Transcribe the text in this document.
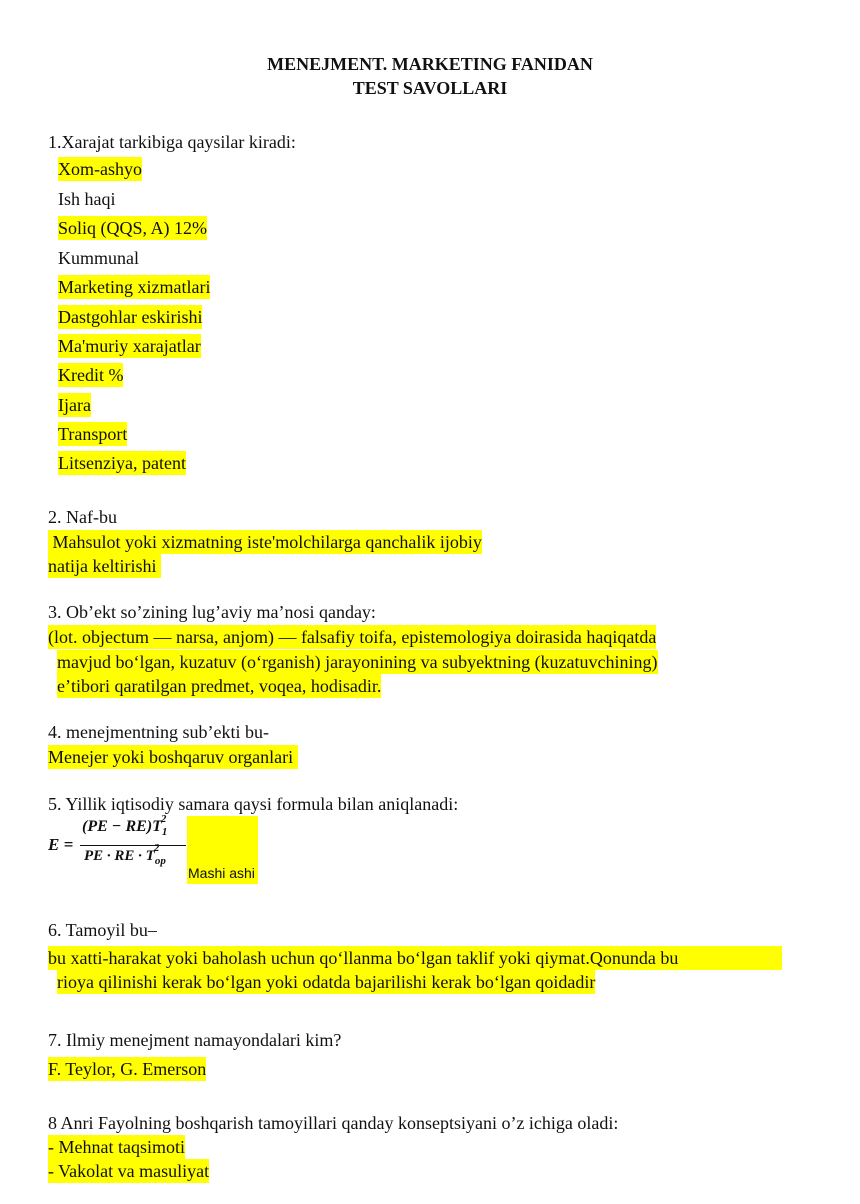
MENEJMENT. MARKETING FANIDAN
TEST SAVOLLARI
1.Xarajat tarkibiga qaysilar kiradi:
Xom-ashyo
Ish haqi
Soliq (QQS, A) 12%
Kummunal
Marketing xizmatlari
Dastgohlar eskirishi
Ma'muriy xarajatlar
Kredit %
Ijara
Transport
Litsenziya, patent
2. Naf-bu
Mahsulot yoki xizmatning iste'molchilarga qanchalik ijobiy
natija keltirishi
3. Ob’ekt so’zining lug’aviy ma’nosi qanday:
(lot. objectum — narsa, anjom) — falsafiy toifa, epistemologiya doirasida haqiqatda
mavjud boʻlgan, kuzatuv (oʻrganish) jarayonining va subyektning (kuzatuvchining)
eʼtibori qaratilgan predmet, voqea, hodisadir.
4. menejmentning sub’ekti bu-
Menejer yoki boshqaruv organlari
5. Yillik iqtisodiy samara qaysi formula bilan aniqlanadi:
E =
$(PE - RE)T_1$
2
PE · RE · $T_{op}$
2
Mashi ashi
6. Tamoyil bu–
bu xatti-harakat yoki baholash uchun qoʻllanma boʻlgan taklif yoki qiymat.Qonunda bu
rioya qilinishi kerak boʻlgan yoki odatda bajarilishi kerak boʻlgan qoidadir
7. Ilmiy menejment namayondalari kim?
F. Teylor, G. Emerson
8 Anri Fayolning boshqarish tamoyillari qanday konseptsiyani o’z ichiga oladi:
- Mehnat taqsimoti
- Vakolat va masuliyat
